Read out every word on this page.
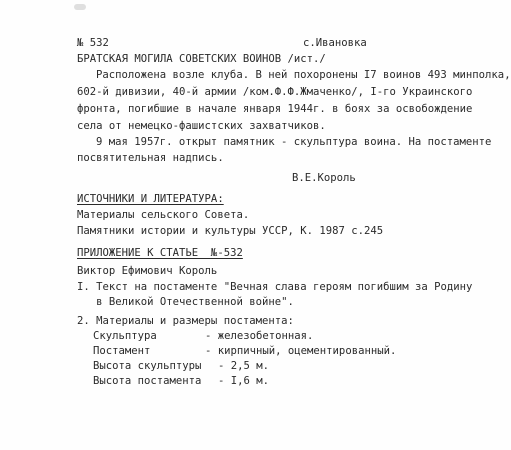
№ 532	с.Ивановка
БРАТСКАЯ МОГИЛА СОВЕТСКИХ ВОИНОВ /ист./
Расположена возле клуба. В ней похоронены I7 воинов 493 минполка,
602-й дивизии, 40-й армии /ком.Ф.Ф.Жмаченко/, I-го Украинского
фронта, погибшие в начале января 1944г. в боях за освобождение
села от немецко-фашистских захватчиков.
9 мая 1957г. открыт памятник - скульптура воина. На постаменте
посвятительная надпись.
В.Е.Король
ИСТОЧНИКИ И ЛИТЕРАТУРА:
Материалы сельского Совета.
Памятники истории и культуры УССР, К. 1987 с.245
ПРИЛОЖЕНИЕ К СТАТЬЕ  №-532
Виктор Ефимович Король
I. Текст на постаменте "Вечная слава героям погибшим за Родину
в Великой Отечественной войне".
2. Материалы и размеры постамента:
Скульптура	- железобетонная.
Постамент	- кирпичный, оцементированный.
Высота скульптуры - 2,5 м.
Высота постамента - I,6 м.
